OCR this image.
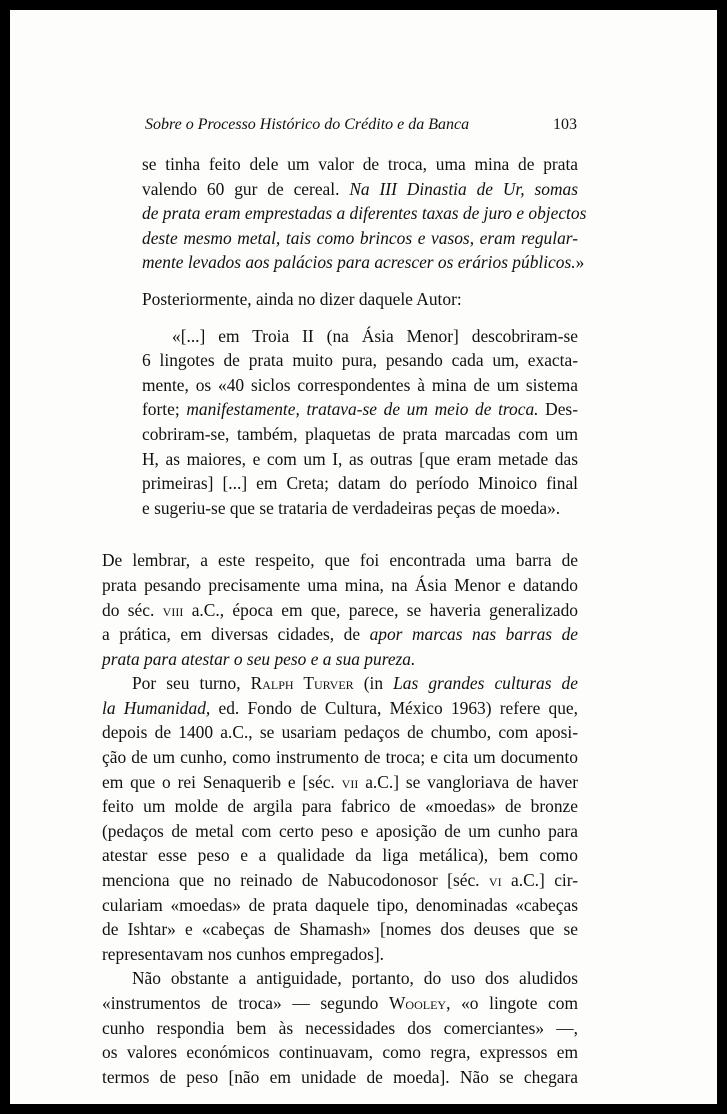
Sobre o Processo Histórico do Crédito e da Banca	103
se tinha feito dele um valor de troca, uma mina de prata
valendo 60 gur de cereal. Na III Dinastia de Ur, somas
de prata eram emprestadas a diferentes taxas de juro e objectos
deste mesmo metal, tais como brincos e vasos, eram regular-
mente levados aos palácios para acrescer os erários públicos.»
Posteriormente, ainda no dizer daquele Autor:
«[...] em Troia II (na Ásia Menor] descobriram-se
6 lingotes de prata muito pura, pesando cada um, exacta-
mente, os «40 siclos correspondentes à mina de um sistema
forte; manifestamente, tratava-se de um meio de troca. Des-
cobriram-se, também, plaquetas de prata marcadas com um
H, as maiores, e com um I, as outras [que eram metade das
primeiras] [...] em Creta; datam do período Minoico final
e sugeriu-se que se trataria de verdadeiras peças de moeda».
De lembrar, a este respeito, que foi encontrada uma barra de
prata pesando precisamente uma mina, na Ásia Menor e datando
do séc. viii a.C., época em que, parece, se haveria generalizado
a prática, em diversas cidades, de apor marcas nas barras de
prata para atestar o seu peso e a sua pureza.
Por seu turno, Ralph Turver (in Las grandes culturas de
la Humanidad, ed. Fondo de Cultura, México 1963) refere que,
depois de 1400 a.C., se usariam pedaços de chumbo, com aposi-
ção de um cunho, como instrumento de troca; e cita um documento
em que o rei Senaquerib e [séc. vii a.C.] se vangloriava de haver
feito um molde de argila para fabrico de «moedas» de bronze
(pedaços de metal com certo peso e aposição de um cunho para
atestar esse peso e a qualidade da liga metálica), bem como
menciona que no reinado de Nabucodonosor [séc. vi a.C.] cir-
culariam «moedas» de prata daquele tipo, denominadas «cabeças
de Ishtar» e «cabeças de Shamash» [nomes dos deuses que se
representavam nos cunhos empregados].
Não obstante a antiguidade, portanto, do uso dos aludidos
«instrumentos de troca» — segundo Wooley, «o lingote com
cunho respondia bem às necessidades dos comerciantes» —,
os valores económicos continuavam, como regra, expressos em
termos de peso [não em unidade de moeda]. Não se chegara
